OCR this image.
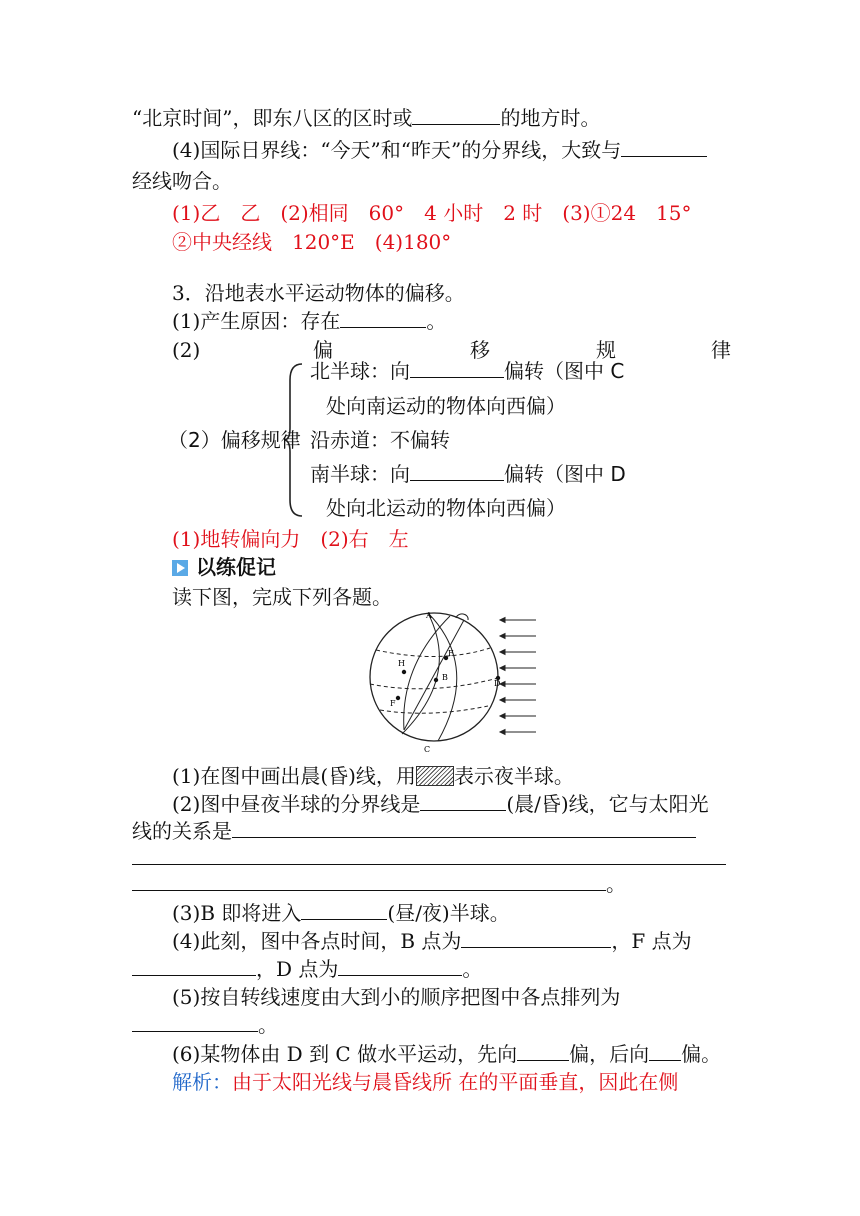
“北京时间”，即东八区的区时或	的地方时。
(4)国际日界线：“今天”和“昨天”的分界线，大致与
经线吻合。
(1)乙　乙　(2)相同　60°　4 小时　2 时　(3)①24　15°
②中央经线　120°E　(4)180°
3．沿地表水平运动物体的偏移。
(1)产生原因：存在	。
(2)	偏	移	规	律
（2）偏移规律
北半球：向	偏转（图中 C
处向南运动的物体向西偏）
沿赤道：不偏转
南半球：向	偏转（图中 D
处向北运动的物体向西偏）
(1)地转偏向力　(2)右　左
以练促记
读下图，完成下列各题。
A
H
B
E
F
D
C
(1)在图中画出晨(昏)线，用 表示夜半球。
(2)图中昼夜半球的分界线是	(晨/昏)线，它与太阳光
线的关系是
。
(3)B 即将进入	(昼/夜)半球。
(4)此刻，图中各点时间，B 点为	，F 点为
，D 点为	。
(5)按自转线速度由大到小的顺序把图中各点排列为
。
(6)某物体由 D 到 C 做水平运动，先向	偏，后向 偏。
解析：由于太阳光线与晨昏线所 在的平面垂直，因此在侧
